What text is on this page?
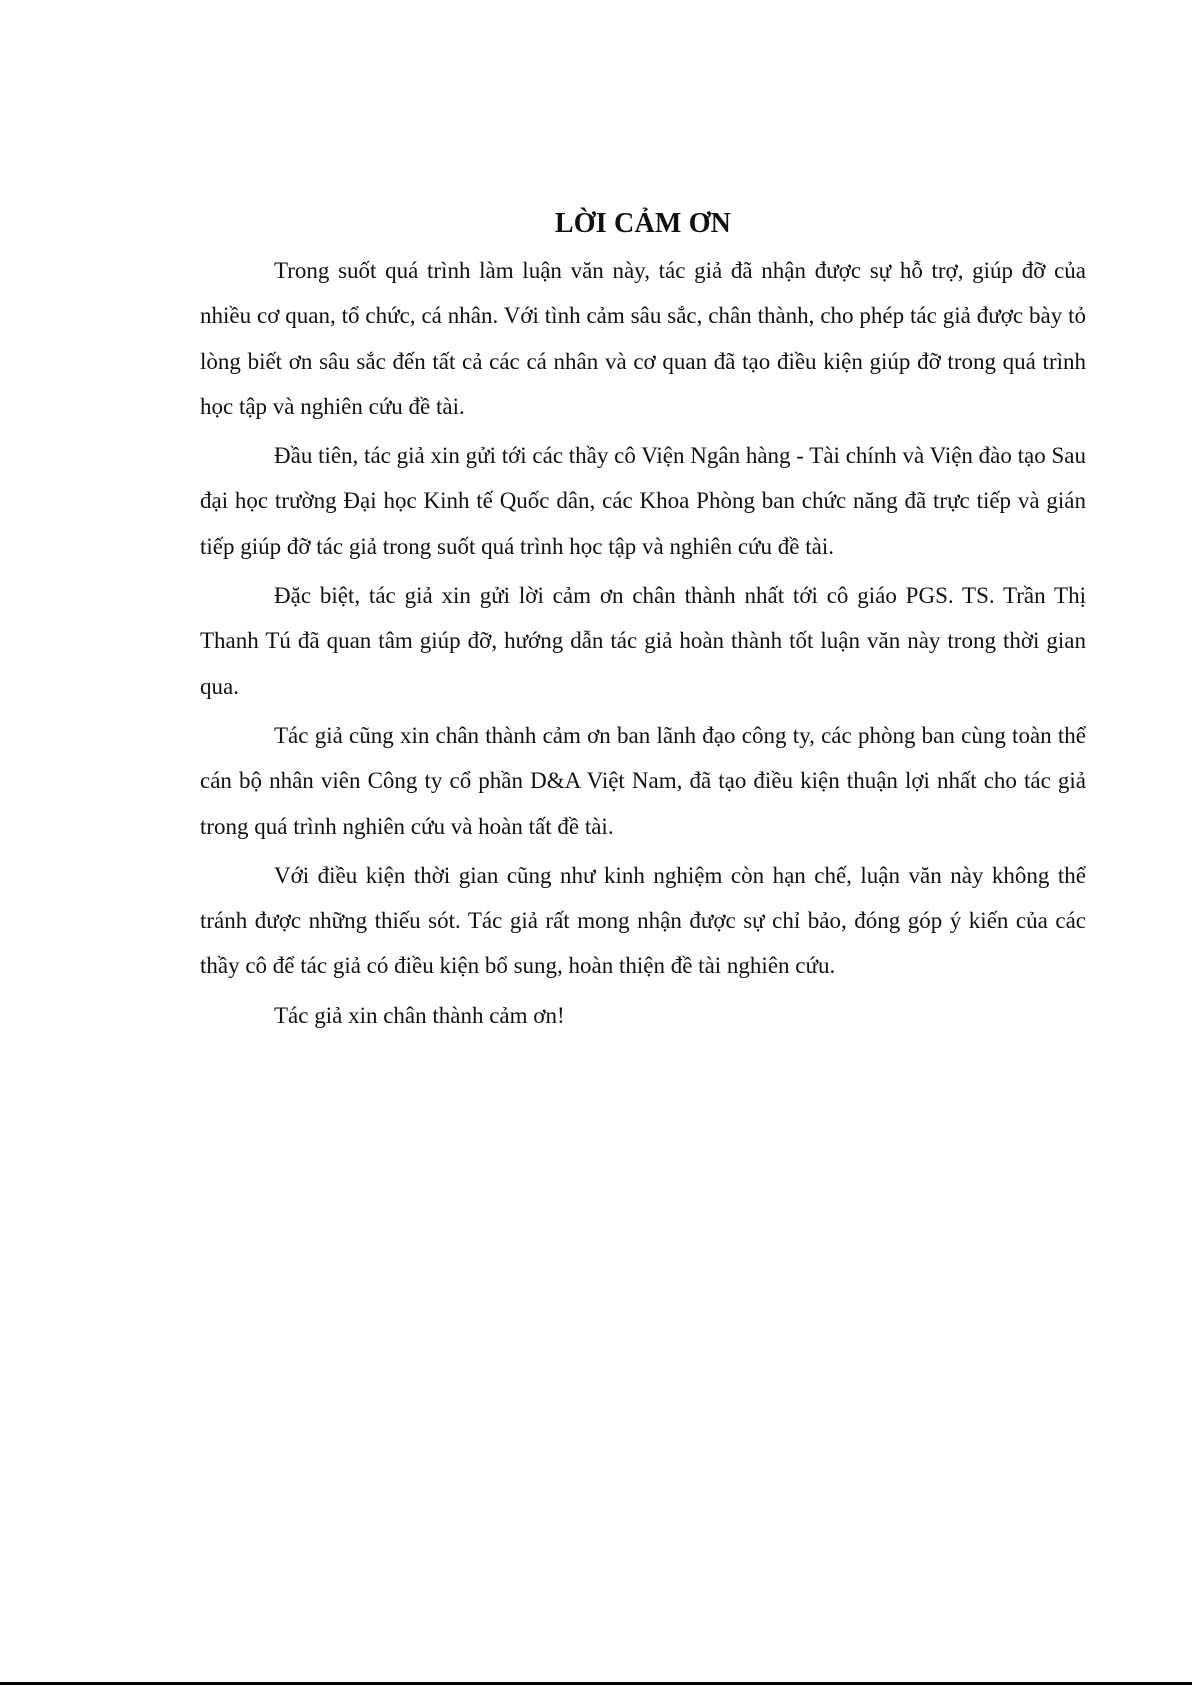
LỜI CẢM ƠN

Trong suốt quá trình làm luận văn này, tác giả đã nhận được sự hỗ trợ, giúp đỡ của nhiều cơ quan, tổ chức, cá nhân. Với tình cảm sâu sắc, chân thành, cho phép tác giả được bày tỏ lòng biết ơn sâu sắc đến tất cả các cá nhân và cơ quan đã tạo điều kiện giúp đỡ trong quá trình học tập và nghiên cứu đề tài.

Đầu tiên, tác giả xin gửi tới các thầy cô Viện Ngân hàng - Tài chính và Viện đào tạo Sau đại học trường Đại học Kinh tế Quốc dân, các Khoa Phòng ban chức năng đã trực tiếp và gián tiếp giúp đỡ tác giả trong suốt quá trình học tập và nghiên cứu đề tài.

Đặc biệt, tác giả xin gửi lời cảm ơn chân thành nhất tới cô giáo PGS. TS. Trần Thị Thanh Tú đã quan tâm giúp đỡ, hướng dẫn tác giả hoàn thành tốt luận văn này trong thời gian qua.

Tác giả cũng xin chân thành cảm ơn ban lãnh đạo công ty, các phòng ban cùng toàn thể cán bộ nhân viên Công ty cổ phần D&A Việt Nam, đã tạo điều kiện thuận lợi nhất cho tác giả trong quá trình nghiên cứu và hoàn tất đề tài.

Với điều kiện thời gian cũng như kinh nghiệm còn hạn chế, luận văn này không thể tránh được những thiếu sót. Tác giả rất mong nhận được sự chỉ bảo, đóng góp ý kiến của các thầy cô để tác giả có điều kiện bổ sung, hoàn thiện đề tài nghiên cứu.

Tác giả xin chân thành cảm ơn!
